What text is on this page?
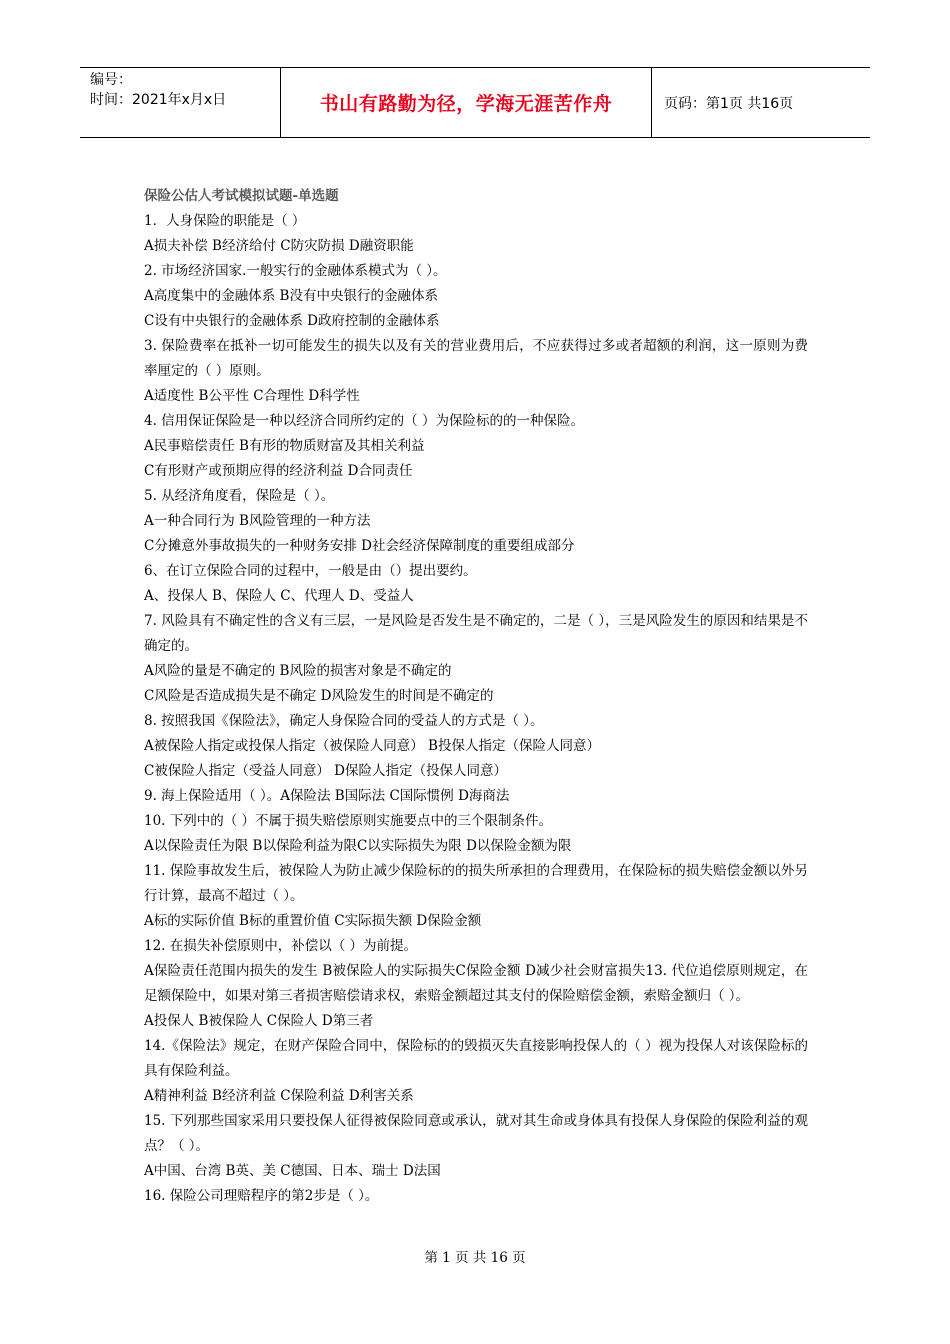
编号：
时间：2021年x月x日	书山有路勤为径，学海无涯苦作舟	页码：第1页 共16页

保险公估人考试模拟试题-单选题

1．人身保险的职能是（ ）

A损夫补偿 B经济给付 C防灾防损 D融资职能

2. 市场经济国家.一般实行的金融体系模式为（ ）。

A高度集中的金融体系 B没有中央银行的金融体系

C设有中央银行的金融体系 D政府控制的金融体系

3. 保险费率在抵补一切可能发生的损失以及有关的营业费用后，不应获得过多或者超额的利润，这一原则为费率厘定的（ ）原则。

A适度性 B公平性 C合理性 D科学性

4. 信用保证保险是一种以经济合同所约定的（ ）为保险标的的一种保险。

A民事赔偿责任 B有形的物质财富及其相关利益

C有形财产或预期应得的经济利益 D合同责任

5. 从经济角度看，保险是（ ）。

A一种合同行为 B风险管理的一种方法

C分摊意外事故损失的一种财务安排 D社会经济保障制度的重要组成部分

6、在订立保险合同的过程中，一般是由（）提出要约。

A、投保人 B、保险人 C、代理人 D、受益人

7. 风险具有不确定性的含义有三层，一是风险是否发生是不确定的，二是（ ），三是风险发生的原因和结果是不确定的。

A风险的量是不确定的 B风险的损害对象是不确定的

C风险是否造成损失是不确定 D风险发生的时间是不确定的

8. 按照我国《保险法》，确定人身保险合同的受益人的方式是（ ）。

A被保险人指定或投保人指定（被保险人同意） B投保人指定（保险人同意）

C被保险人指定（受益人同意） D保险人指定（投保人同意）

9. 海上保险适用（ ）。A保险法 B国际法 C国际惯例 D海商法

10. 下列中的（ ）不属于损失赔偿原则实施要点中的三个限制条件。

A以保险责任为限 B以保险利益为限C以实际损失为限 D以保险金额为限

11. 保险事故发生后，被保险人为防止减少保险标的的损失所承担的合理费用，在保险标的损失赔偿金额以外另行计算，最高不超过（ ）。

A标的实际价值 B标的重置价值 C实际损失额 D保险金额

12. 在损失补偿原则中，补偿以（ ）为前提。

A保险责任范围内损失的发生 B被保险人的实际损失C保险金额 D减少社会财富损失13. 代位追偿原则规定，在足额保险中，如果对第三者损害赔偿请求权，索赔金额超过其支付的保险赔偿金额，索赔金额归（ ）。

A投保人 B被保险人 C保险人 D第三者

14.《保险法》规定，在财产保险合同中，保险标的的毁损灭失直接影响投保人的（ ）视为投保人对该保险标的具有保险利益。

A精神利益 B经济利益 C保险利益 D利害关系

15. 下列那些国家采用只要投保人征得被保险同意或承认，就对其生命或身体具有投保人身保险的保险利益的观点？（ ）。

A中国、台湾 B英、美 C德国、日本、瑞士 D法国

16. 保险公司理赔程序的第2步是（ ）。

第 1 页 共 16 页
